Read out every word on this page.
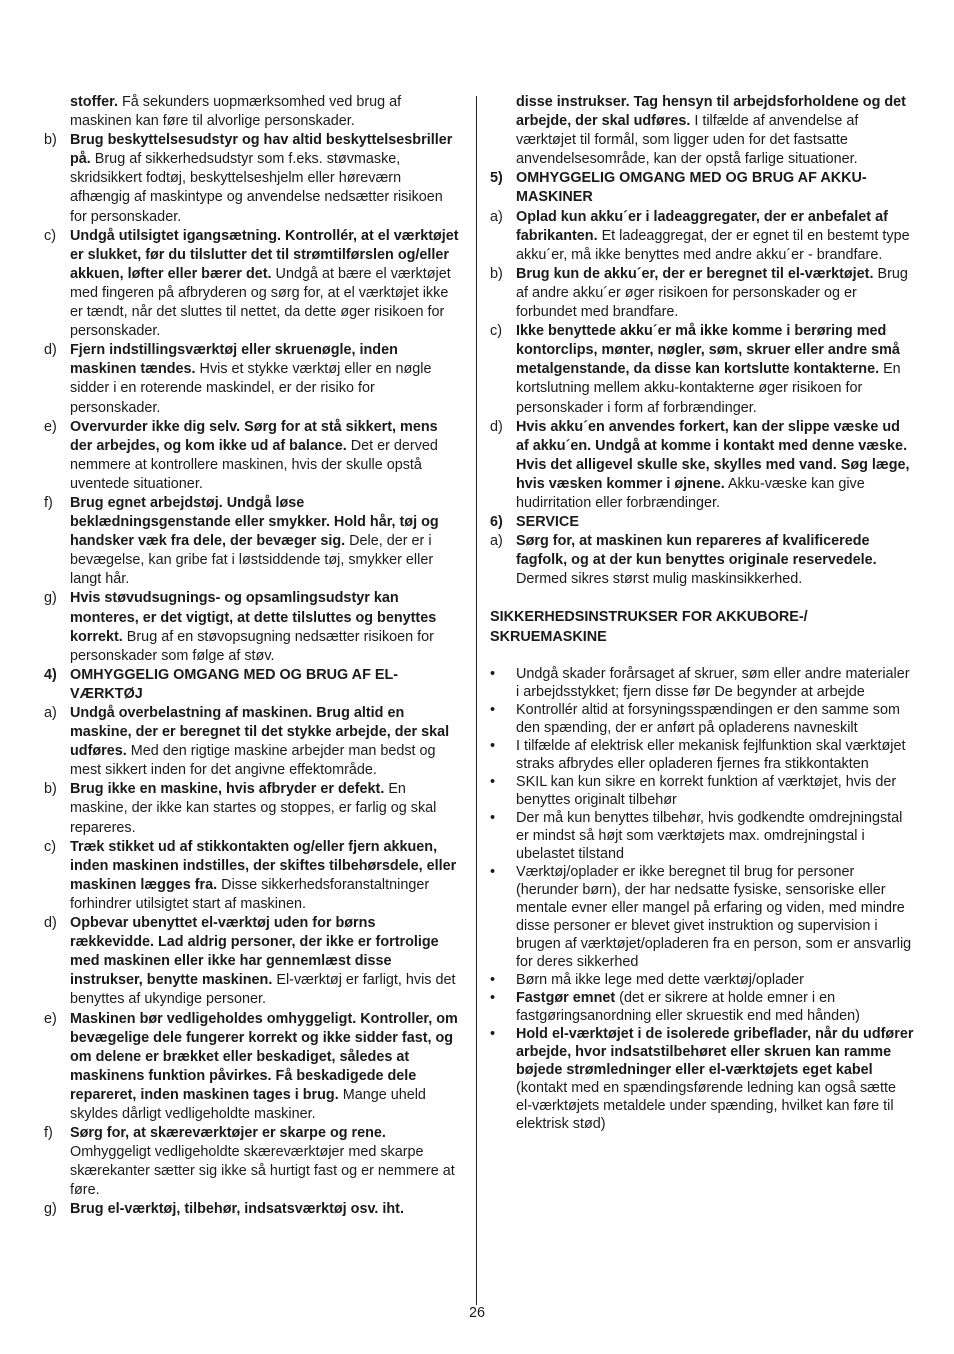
stoffer. Få sekunders uopmærksomhed ved brug af maskinen kan føre til alvorlige personskader.
b) Brug beskyttelsesudstyr og hav altid beskyttelsesbriller på. Brug af sikkerhedsudstyr som f.eks. støvmaske, skridsikkert fodtøj, beskyttelseshjelm eller høreværn afhængig af maskintype og anvendelse nedsætter risikoen for personskader.
c) Undgå utilsigtet igangsætning. Kontrollér, at el værktøjet er slukket, før du tilslutter det til strømtilførslen og/eller akkuen, løfter eller bærer det. Undgå at bære el værktøjet med fingeren på afbryderen og sørg for, at el værktøjet ikke er tændt, når det sluttes til nettet, da dette øger risikoen for personskader.
d) Fjern indstillingsværktøj eller skruenøgle, inden maskinen tændes. Hvis et stykke værktøj eller en nøgle sidder i en roterende maskindel, er der risiko for personskader.
e) Overvurder ikke dig selv. Sørg for at stå sikkert, mens der arbejdes, og kom ikke ud af balance. Det er derved nemmere at kontrollere maskinen, hvis der skulle opstå uventede situationer.
f) Brug egnet arbejdstøj. Undgå løse beklædningsgenstande eller smykker. Hold hår, tøj og handsker væk fra dele, der bevæger sig. Dele, der er i bevægelse, kan gribe fat i løstsiddende tøj, smykker eller langt hår.
g) Hvis støvudsugnings- og opsamlingsudstyr kan monteres, er det vigtigt, at dette tilsluttes og benyttes korrekt. Brug af en støvopsugning nedsætter risikoen for personskader som følge af støv.
4) OMHYGGELIG OMGANG MED OG BRUG AF EL-VÆRKTØJ
a) Undgå overbelastning af maskinen. Brug altid en maskine, der er beregnet til det stykke arbejde, der skal udføres. Med den rigtige maskine arbejder man bedst og mest sikkert inden for det angivne effektområde.
b) Brug ikke en maskine, hvis afbryder er defekt. En maskine, der ikke kan startes og stoppes, er farlig og skal repareres.
c) Træk stikket ud af stikkontakten og/eller fjern akkuen, inden maskinen indstilles, der skiftes tilbehørsdele, eller maskinen lægges fra. Disse sikkerhedsforanstaltninger forhindrer utilsigtet start af maskinen.
d) Opbevar ubenyttet el-værktøj uden for børns rækkevidde. Lad aldrig personer, der ikke er fortrolige med maskinen eller ikke har gennemlæst disse instrukser, benytte maskinen. El-værktøj er farligt, hvis det benyttes af ukyndige personer.
e) Maskinen bør vedligeholdes omhyggeligt. Kontroller, om bevægelige dele fungerer korrekt og ikke sidder fast, og om delene er brækket eller beskadiget, således at maskinens funktion påvirkes. Få beskadigede dele repareret, inden maskinen tages i brug. Mange uheld skyldes dårligt vedligeholdte maskiner.
f) Sørg for, at skæreværktøjer er skarpe og rene. Omhyggeligt vedligeholdte skæreværktøjer med skarpe skærekanter sætter sig ikke så hurtigt fast og er nemmere at føre.
g) Brug el-værktøj, tilbehør, indsatsværktøj osv. iht.
disse instrukser. Tag hensyn til arbejdsforholdene og det arbejde, der skal udføres. I tilfælde af anvendelse af værktøjet til formål, som ligger uden for det fastsatte anvendelsesområde, kan der opstå farlige situationer.
5) OMHYGGELIG OMGANG MED OG BRUG AF AKKU-MASKINER
a) Oplad kun akku´er i ladeaggregater, der er anbefalet af fabrikanten. Et ladeaggregat, der er egnet til en bestemt type akku´er, må ikke benyttes med andre akku´er - brandfare.
b) Brug kun de akku´er, der er beregnet til el-værktøjet. Brug af andre akku´er øger risikoen for personskader og er forbundet med brandfare.
c) Ikke benyttede akku´er må ikke komme i berøring med kontorclips, mønter, nøgler, søm, skruer eller andre små metalgenstande, da disse kan kortslutte kontakterne. En kortslutning mellem akku-kontakterne øger risikoen for personskader i form af forbrændinger.
d) Hvis akku´en anvendes forkert, kan der slippe væske ud af akku´en. Undgå at komme i kontakt med denne væske. Hvis det alligevel skulle ske, skylles med vand. Søg læge, hvis væsken kommer i øjnene. Akku-væske kan give hudirritation eller forbrændinger.
6) SERVICE
a) Sørg for, at maskinen kun repareres af kvalificerede fagfolk, og at der kun benyttes originale reservedele. Dermed sikres størst mulig maskinsikkerhed.
SIKKERHEDSINSTRUKSER FOR AKKUBORE-/ SKRUEMASKINE
• Undgå skader forårsaget af skruer, søm eller andre materialer i arbejdsstykket; fjern disse før De begynder at arbejde
• Kontrollér altid at forsyningsspændingen er den samme som den spænding, der er anført på opladerens navneskilt
• I tilfælde af elektrisk eller mekanisk fejlfunktion skal værktøjet straks afbrydes eller opladeren fjernes fra stikkontakten
• SKIL kan kun sikre en korrekt funktion af værktøjet, hvis der benyttes originalt tilbehør
• Der må kun benyttes tilbehør, hvis godkendte omdrejningstal er mindst så højt som værktøjets max. omdrejningstal i ubelastet tilstand
• Værktøj/oplader er ikke beregnet til brug for personer (herunder børn), der har nedsatte fysiske, sensoriske eller mentale evner eller mangel på erfaring og viden, med mindre disse personer er blevet givet instruktion og supervision i brugen af værktøjet/opladeren fra en person, som er ansvarlig for deres sikkerhed
• Børn må ikke lege med dette værktøj/oplader
• Fastgør emnet (det er sikrere at holde emner i en fastgøringsanordning eller skruestik end med hånden)
• Hold el-værktøjet i de isolerede gribeflader, når du udfører arbejde, hvor indsatstilbehøret eller skruen kan ramme bøjede strømledninger eller el-værktøjets eget kabel (kontakt med en spændingsførende ledning kan også sætte el-værktøjets metaldele under spænding, hvilket kan føre til elektrisk stød)
26
